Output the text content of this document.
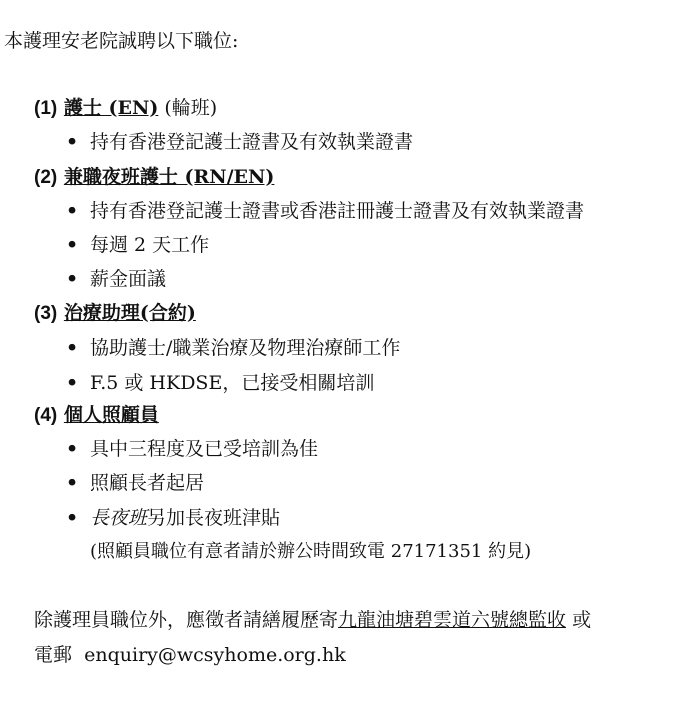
本護理安老院誠聘以下職位:
(1) 護士 (EN) (輪班)
• 持有香港登記護士證書及有效執業證書
(2) 兼職夜班護士 (RN/EN)
• 持有香港登記護士證書或香港註冊護士證書及有效執業證書
• 每週 2 天工作
• 薪金面議
(3) 治療助理(合約)
• 協助護士/職業治療及物理治療師工作
• F.5 或 HKDSE，已接受相關培訓
(4) 個人照顧員
• 具中三程度及已受培訓為佳
• 照顧長者起居
• 長夜班另加長夜班津貼
(照顧員職位有意者請於辦公時間致電 27171351 約見)
除護理員職位外，應徵者請繕履歷寄九龍油塘碧雲道六號總監收 或
電郵 enquiry@wcsyhome.org.hk
